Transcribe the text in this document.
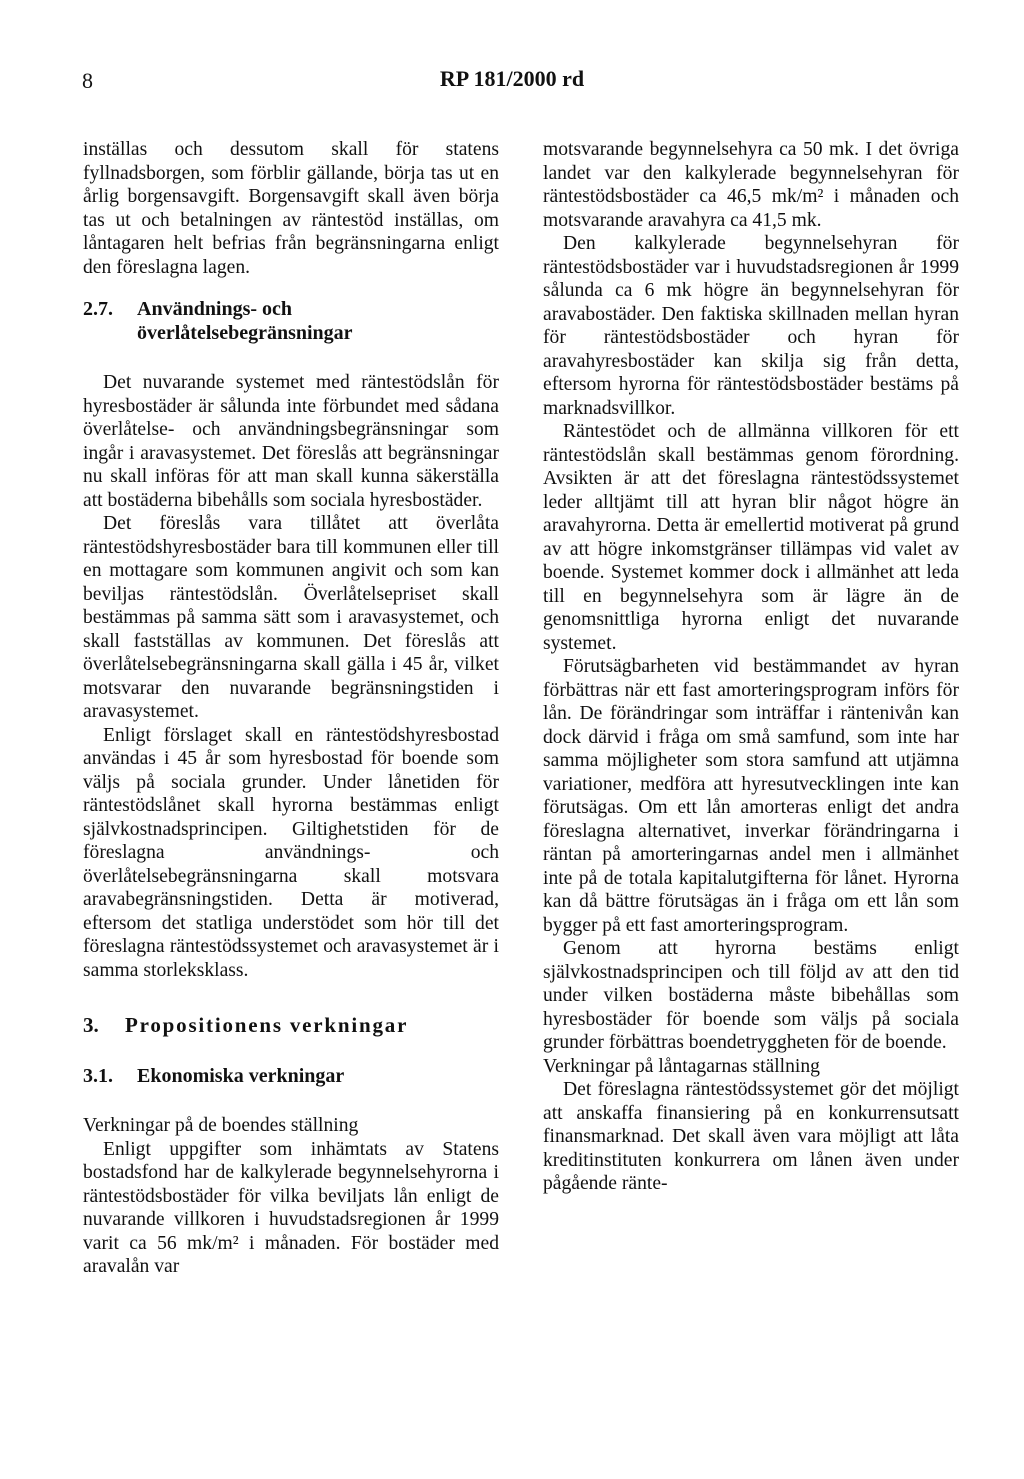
8	RP 181/2000 rd

inställas och dessutom skall för statens fyllnadsborgen, som förblir gällande, börja tas ut en årlig borgensavgift. Borgensavgift skall även börja tas ut och betalningen av räntestöd inställas, om låntagaren helt befrias från begränsningarna enligt den föreslagna lagen.

2.7.	Användnings- och överlåtelsebegränsningar

Det nuvarande systemet med räntestödslån för hyresbostäder är sålunda inte förbundet med sådana överlåtelse- och användningsbegränsningar som ingår i aravasystemet. Det föreslås att begränsningar nu skall införas för att man skall kunna säkerställa att bostäderna bibehålls som sociala hyresbostäder.

Det föreslås vara tillåtet att överlåta räntestödshyresbostäder bara till kommunen eller till en mottagare som kommunen angivit och som kan beviljas räntestödslån. Överlåtelsepriset skall bestämmas på samma sätt som i aravasystemet, och skall fastställas av kommunen. Det föreslås att överlåtelsebegränsningarna skall gälla i 45 år, vilket motsvarar den nuvarande begränsningstiden i aravasystemet.

Enligt förslaget skall en räntestödshyresbostad användas i 45 år som hyresbostad för boende som väljs på sociala grunder. Under lånetiden för räntestödslånet skall hyrorna bestämmas enligt självkostnadsprincipen. Giltighetstiden för de föreslagna användnings- och överlåtelsebegränsningarna skall motsvara aravabegränsningstiden. Detta är motiverad, eftersom det statliga understödet som hör till det föreslagna räntestödssystemet och aravasystemet är i samma storleksklass.

3.	Propositionens verkningar
3.1.	Ekonomiska verkningar

Verkningar på de boendes ställning

Enligt uppgifter som inhämtats av Statens bostadsfond har de kalkylerade begynnelsehyrorna i räntestödsbostäder för vilka beviljats lån enligt de nuvarande villkoren i huvudstadsregionen år 1999 varit ca 56 mk/m² i månaden. För bostäder med aravalån var

motsvarande begynnelsehyra ca 50 mk. I det övriga landet var den kalkylerade begynnelsehyran för räntestödsbostäder ca 46,5 mk/m² i månaden och motsvarande aravahyra ca 41,5 mk.

Den kalkylerade begynnelsehyran för räntestödsbostäder var i huvudstadsregionen år 1999 sålunda ca 6 mk högre än begynnelsehyran för aravabostäder. Den faktiska skillnaden mellan hyran för räntestödsbostäder och hyran för aravahyresbostäder kan skilja sig från detta, eftersom hyrorna för räntestödsbostäder bestäms på marknadsvillkor.

Räntestödet och de allmänna villkoren för ett räntestödslån skall bestämmas genom förordning. Avsikten är att det föreslagna räntestödssystemet leder alltjämt till att hyran blir något högre än aravahyrorna. Detta är emellertid motiverat på grund av att högre inkomstgränser tillämpas vid valet av boende. Systemet kommer dock i allmänhet att leda till en begynnelsehyra som är lägre än de genomsnittliga hyrorna enligt det nuvarande systemet.

Förutsägbarheten vid bestämmandet av hyran förbättras när ett fast amorteringsprogram införs för lån. De förändringar som inträffar i räntenivån kan dock därvid i fråga om små samfund, som inte har samma möjligheter som stora samfund att utjämna variationer, medföra att hyresutvecklingen inte kan förutsägas. Om ett lån amorteras enligt det andra föreslagna alternativet, inverkar förändringarna i räntan på amorteringarnas andel men i allmänhet inte på de totala kapitalutgifterna för lånet. Hyrorna kan då bättre förutsägas än i fråga om ett lån som bygger på ett fast amorteringsprogram.

Genom att hyrorna bestäms enligt självkostnadsprincipen och till följd av att den tid under vilken bostäderna måste bibehållas som hyresbostäder för boende som väljs på sociala grunder förbättras boendetryggheten för de boende.

Verkningar på låntagarnas ställning

Det föreslagna räntestödssystemet gör det möjligt att anskaffa finansiering på en konkurrensutsatt finansmarknad. Det skall även vara möjligt att låta kreditinstituten konkurrera om lånen även under pågående ränte-
